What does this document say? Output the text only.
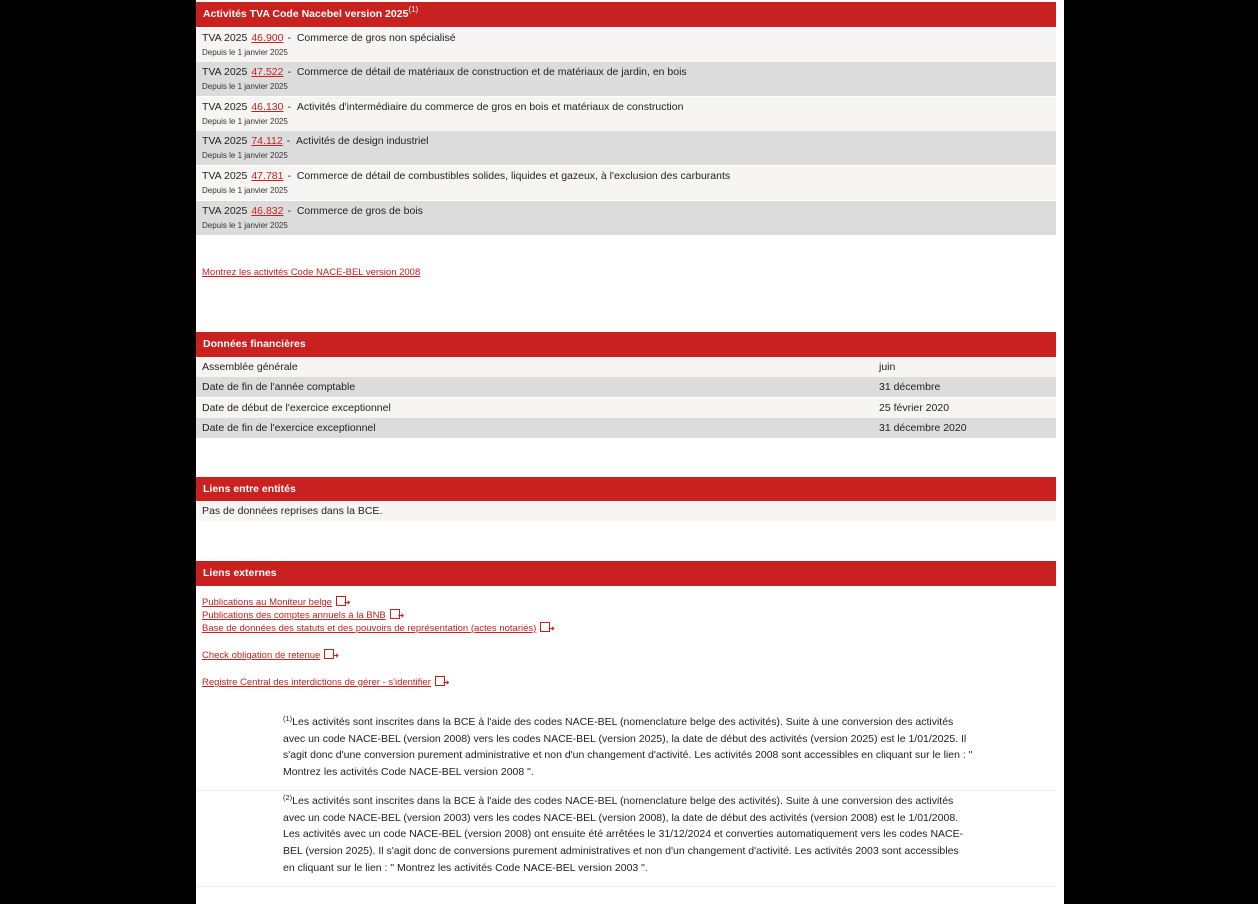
Activités TVA Code Nacebel version 2025$^{(1)}$
TVA 2025 46.900 - Commerce de gros non spécialisé
Depuis le 1 janvier 2025
TVA 2025 47.522 - Commerce de détail de matériaux de construction et de matériaux de jardin, en bois
Depuis le 1 janvier 2025
TVA 2025 46.130 - Activités d'intermédiaire du commerce de gros en bois et matériaux de construction
Depuis le 1 janvier 2025
TVA 2025 74.112 - Activités de design industriel
Depuis le 1 janvier 2025
TVA 2025 47.781 - Commerce de détail de combustibles solides, liquides et gazeux, à l'exclusion des carburants
Depuis le 1 janvier 2025
TVA 2025 46.832 - Commerce de gros de bois
Depuis le 1 janvier 2025
Montrez les activités Code NACE-BEL version 2008
Données financières
Assemblée générale	juin
Date de fin de l'année comptable	31 décembre
Date de début de l'exercice exceptionnel	25 février 2020
Date de fin de l'exercice exceptionnel	31 décembre 2020
Liens entre entités
Pas de données reprises dans la BCE.
Liens externes
Publications au Moniteur belge ➜
Publications des comptes annuels à la BNB ➜
Base de données des statuts et des pouvoirs de représentation (actes notariés) ➜
Check obligation de retenue ➜
Registre Central des interdictions de gérer - s'identifier ➜
$^{(1)}$Les activités sont inscrites dans la BCE à l'aide des codes NACE-BEL (nomenclature belge des activités). Suite à une conversion des activités avec un code NACE-BEL (version 2008) vers les codes NACE-BEL (version 2025), la date de début des activités (version 2025) est le 1/01/2025. Il s'agit donc d'une conversion purement administrative et non d'un changement d'activité. Les activités 2008 sont accessibles en cliquant sur le lien : " Montrez les activités Code NACE-BEL version 2008 ".
$^{(2)}$Les activités sont inscrites dans la BCE à l'aide des codes NACE-BEL (nomenclature belge des activités). Suite à une conversion des activités avec un code NACE-BEL (version 2003) vers les codes NACE-BEL (version 2008), la date de début des activités (version 2008) est le 1/01/2008. Les activités avec un code NACE-BEL (version 2008) ont ensuite été arrêtées le 31/12/2024 et converties automatiquement vers les codes NACE-BEL (version 2025). Il s'agit donc de conversions purement administratives et non d'un changement d'activité. Les activités 2003 sont accessibles en cliquant sur le lien : " Montrez les activités Code NACE-BEL version 2003 ".
